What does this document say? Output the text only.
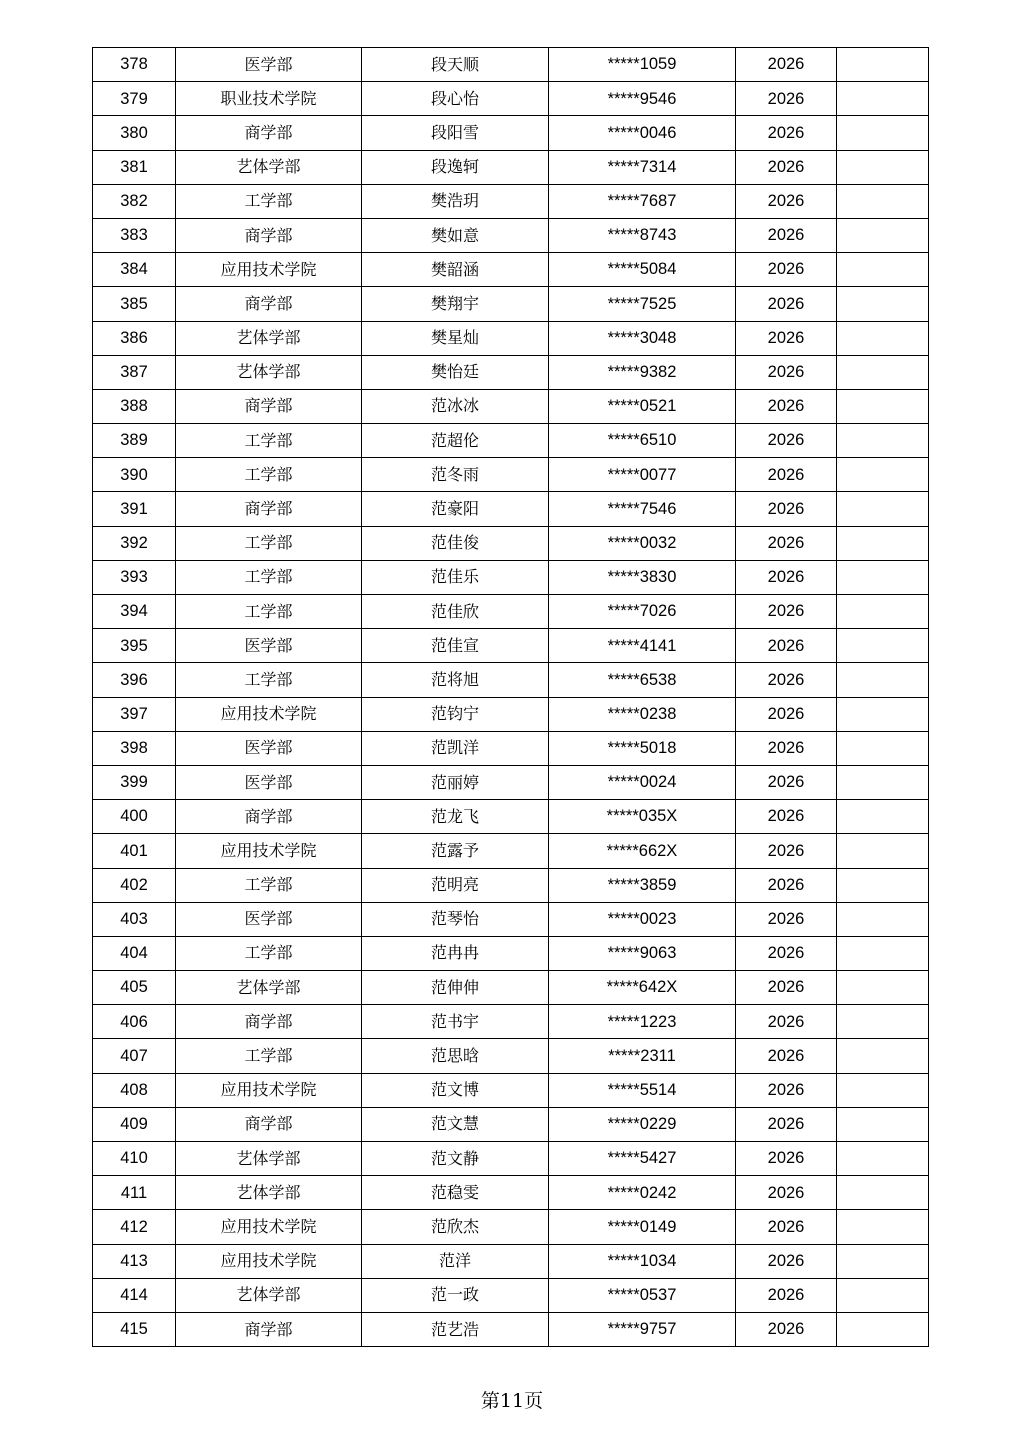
378	医学部	段天顺	*****1059	2026	
379	职业技术学院	段心怡	*****9546	2026	
380	商学部	段阳雪	*****0046	2026	
381	艺体学部	段逸轲	*****7314	2026	
382	工学部	樊浩玥	*****7687	2026	
383	商学部	樊如意	*****8743	2026	
384	应用技术学院	樊韶涵	*****5084	2026	
385	商学部	樊翔宇	*****7525	2026	
386	艺体学部	樊星灿	*****3048	2026	
387	艺体学部	樊怡廷	*****9382	2026	
388	商学部	范冰冰	*****0521	2026	
389	工学部	范超伦	*****6510	2026	
390	工学部	范冬雨	*****0077	2026	
391	商学部	范豪阳	*****7546	2026	
392	工学部	范佳俊	*****0032	2026	
393	工学部	范佳乐	*****3830	2026	
394	工学部	范佳欣	*****7026	2026	
395	医学部	范佳宣	*****4141	2026	
396	工学部	范将旭	*****6538	2026	
397	应用技术学院	范钧宁	*****0238	2026	
398	医学部	范凯洋	*****5018	2026	
399	医学部	范丽婷	*****0024	2026	
400	商学部	范龙飞	*****035X	2026	
401	应用技术学院	范露予	*****662X	2026	
402	工学部	范明亮	*****3859	2026	
403	医学部	范琴怡	*****0023	2026	
404	工学部	范冉冉	*****9063	2026	
405	艺体学部	范伸伸	*****642X	2026	
406	商学部	范书宇	*****1223	2026	
407	工学部	范思晗	*****2311	2026	
408	应用技术学院	范文博	*****5514	2026	
409	商学部	范文慧	*****0229	2026	
410	艺体学部	范文静	*****5427	2026	
411	艺体学部	范稳雯	*****0242	2026	
412	应用技术学院	范欣杰	*****0149	2026	
413	应用技术学院	范洋	*****1034	2026	
414	艺体学部	范一政	*****0537	2026	
415	商学部	范艺浩	*****9757	2026	
第11页
